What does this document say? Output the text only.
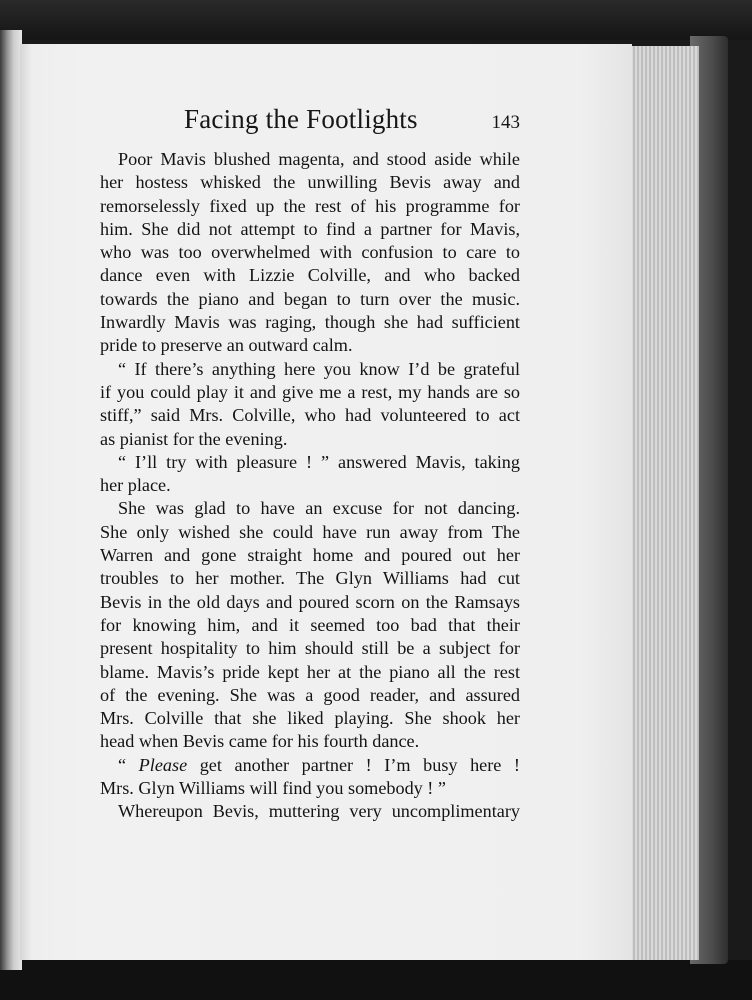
Facing the Footlights	143
Poor Mavis blushed magenta, and stood aside while
her hostess whisked the unwilling Bevis away and
remorselessly fixed up the rest of his programme for
him. She did not attempt to find a partner for Mavis,
who was too overwhelmed with confusion to care to
dance even with Lizzie Colville, and who backed
towards the piano and began to turn over the music.
Inwardly Mavis was raging, though she had sufficient
pride to preserve an outward calm.
“ If there’s anything here you know I’d be grateful
if you could play it and give me a rest, my hands are so
stiff,” said Mrs. Colville, who had volunteered to act
as pianist for the evening.
“ I’ll try with pleasure ! ” answered Mavis, taking
her place.
She was glad to have an excuse for not dancing.
She only wished she could have run away from The
Warren and gone straight home and poured out her
troubles to her mother. The Glyn Williams had cut
Bevis in the old days and poured scorn on the Ramsays
for knowing him, and it seemed too bad that their
present hospitality to him should still be a subject for
blame. Mavis’s pride kept her at the piano all the rest
of the evening. She was a good reader, and assured
Mrs. Colville that she liked playing. She shook her
head when Bevis came for his fourth dance.
“ Please get another partner ! I’m busy here !
Mrs. Glyn Williams will find you somebody ! ”
Whereupon Bevis, muttering very uncomplimentary
